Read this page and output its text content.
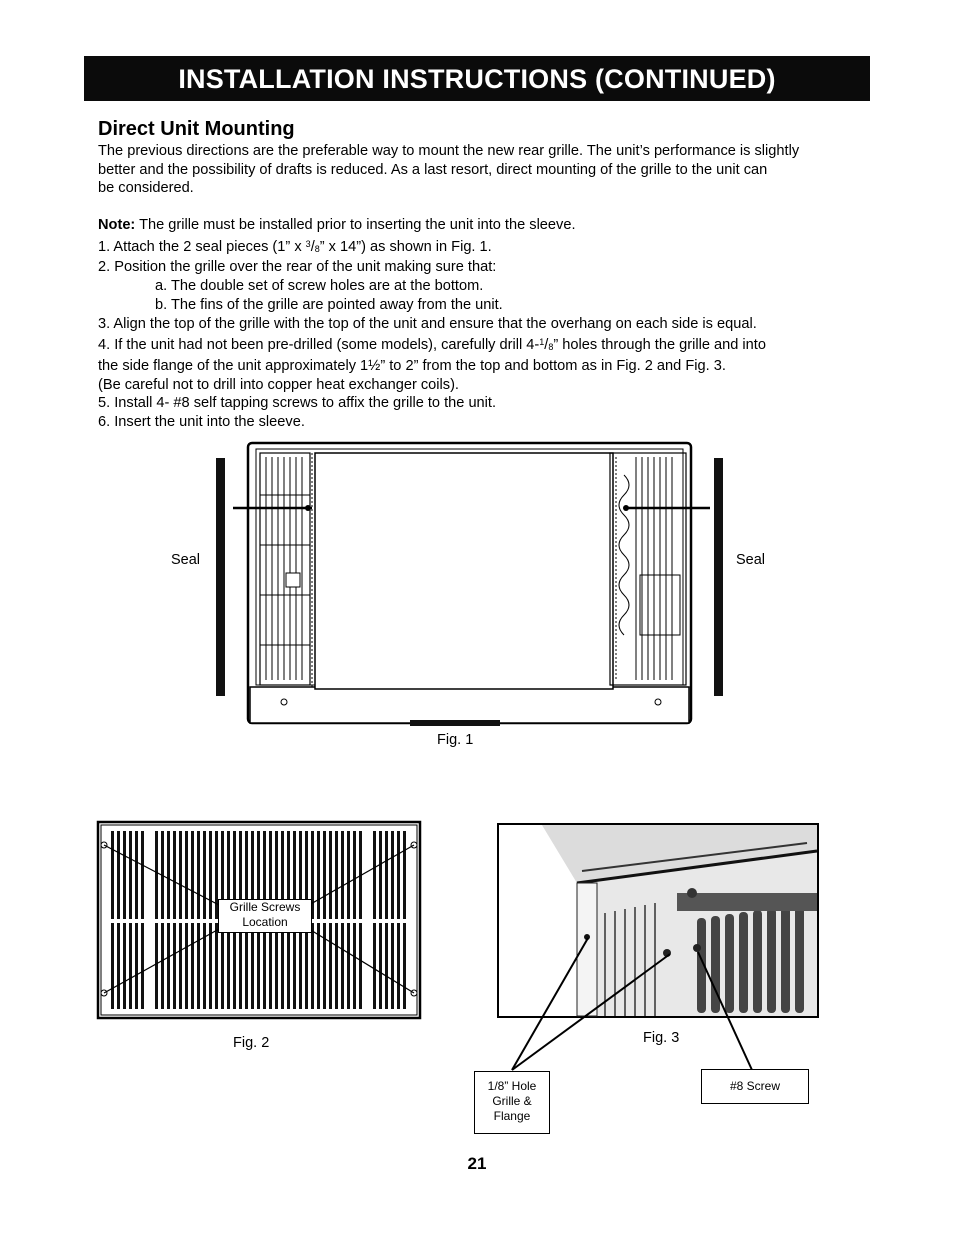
INSTALLATION INSTRUCTIONS (CONTINUED)
Direct Unit Mounting
The previous directions are the preferable way to mount the new rear grille. The unit’s performance is slightly
better and the possibility of drafts is reduced. As a last resort, direct mounting of the grille to the unit can
be considered.
Note: The grille must be installed prior to inserting the unit into the sleeve.
1. Attach the 2 seal pieces (1” x $^3/_8$” x 14”) as shown in Fig. 1.
2. Position the grille over the rear of the unit making sure that:
a. The double set of screw holes are at the bottom.
b. The fins of the grille are pointed away from the unit.
3. Align the top of the grille with the top of the unit and ensure that the overhang on each side is equal.
4. If the unit had not been pre-drilled (some models), carefully drill $4-^1/_8$” holes through the grille and into
the side flange of the unit approximately 1½” to 2” from the top and bottom as in Fig. 2 and Fig. 3.
(Be careful not to drill into copper heat exchanger coils).
5. Install 4- #8 self tapping screws to affix the grille to the unit.
6. Insert the unit into the sleeve.
Seal	Seal
Fig. 1
Grille Screws
Location
Fig. 2	Fig. 3
1/8” Hole
Grille &
Flange
#8 Screw
21
